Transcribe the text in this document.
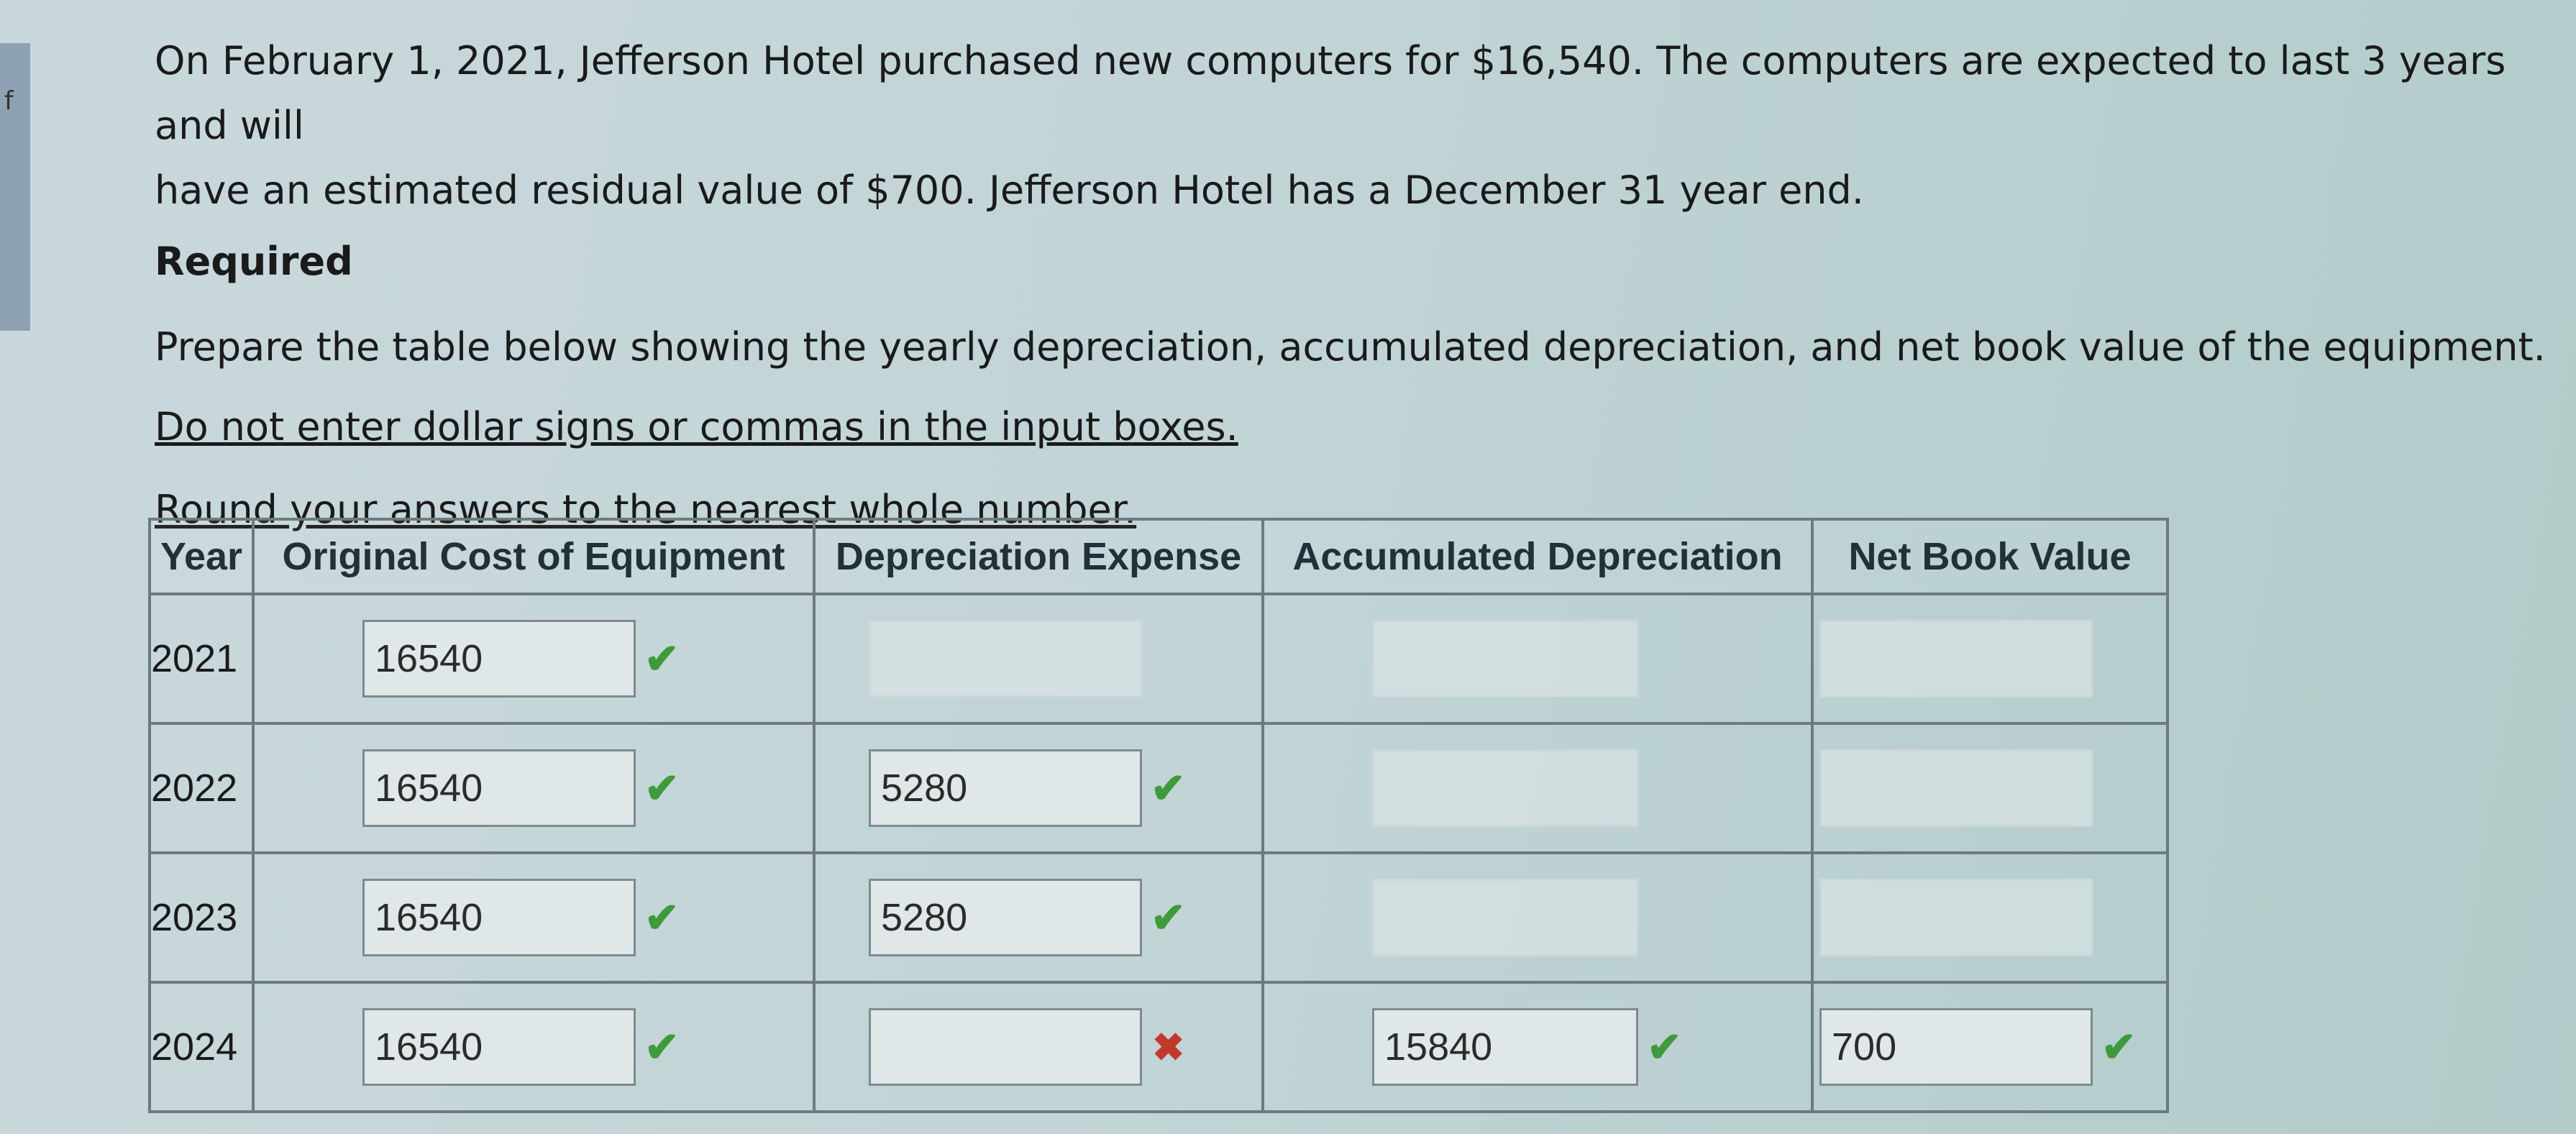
f

On February 1, 2021, Jefferson Hotel purchased new computers for $16,540. The computers are expected to last 3 years and will
have an estimated residual value of $700. Jefferson Hotel has a December 31 year end.

Required
Prepare the table below showing the yearly depreciation, accumulated depreciation, and net book value of the equipment.
Do not enter dollar signs or commas in the input boxes.
Round your answers to the nearest whole number.
Year	Original Cost of Equipment	Depreciation Expense	Accumulated Depreciation	Net Book Value
2021	16540 ✔			

2022	16540 ✔	5280 ✔		

2023	16540 ✔	5280 ✔		

2024	16540 ✔	✖	15840 ✔	700 ✔
